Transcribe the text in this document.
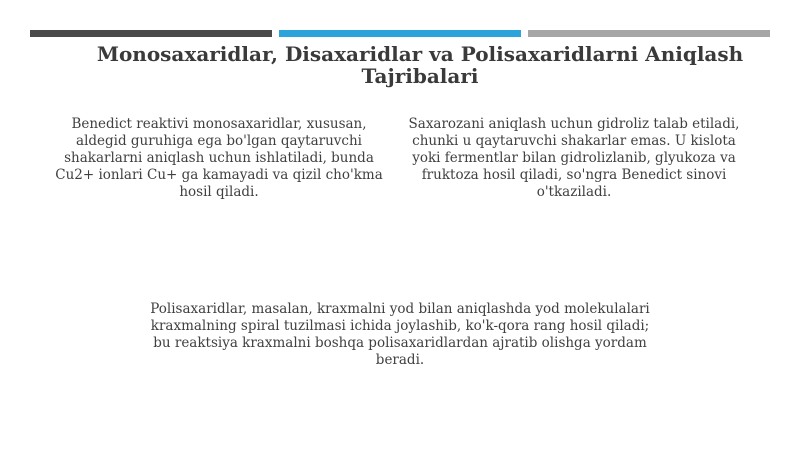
Monosaxaridlar, Disaxaridlar va Polisaxaridlarni Aniqlash Tajribalari

Benedict reaktivi monosaxaridlar, xususan, aldegid guruhiga ega bo'lgan qaytaruvchi shakarlarni aniqlash uchun ishlatiladi, bunda Cu2+ ionlari Cu+ ga kamayadi va qizil cho'kma hosil qiladi.

Saxarozani aniqlash uchun gidroliz talab etiladi, chunki u qaytaruvchi shakarlar emas. U kislota yoki fermentlar bilan gidrolizlanib, glyukoza va fruktoza hosil qiladi, so'ngra Benedict sinovi o'tkaziladi.

Polisaxaridlar, masalan, kraxmalni yod bilan aniqlashda yod molekulalari kraxmalning spiral tuzilmasi ichida joylashib, ko'k-qora rang hosil qiladi; bu reaktsiya kraxmalni boshqa polisaxaridlardan ajratib olishga yordam beradi.
